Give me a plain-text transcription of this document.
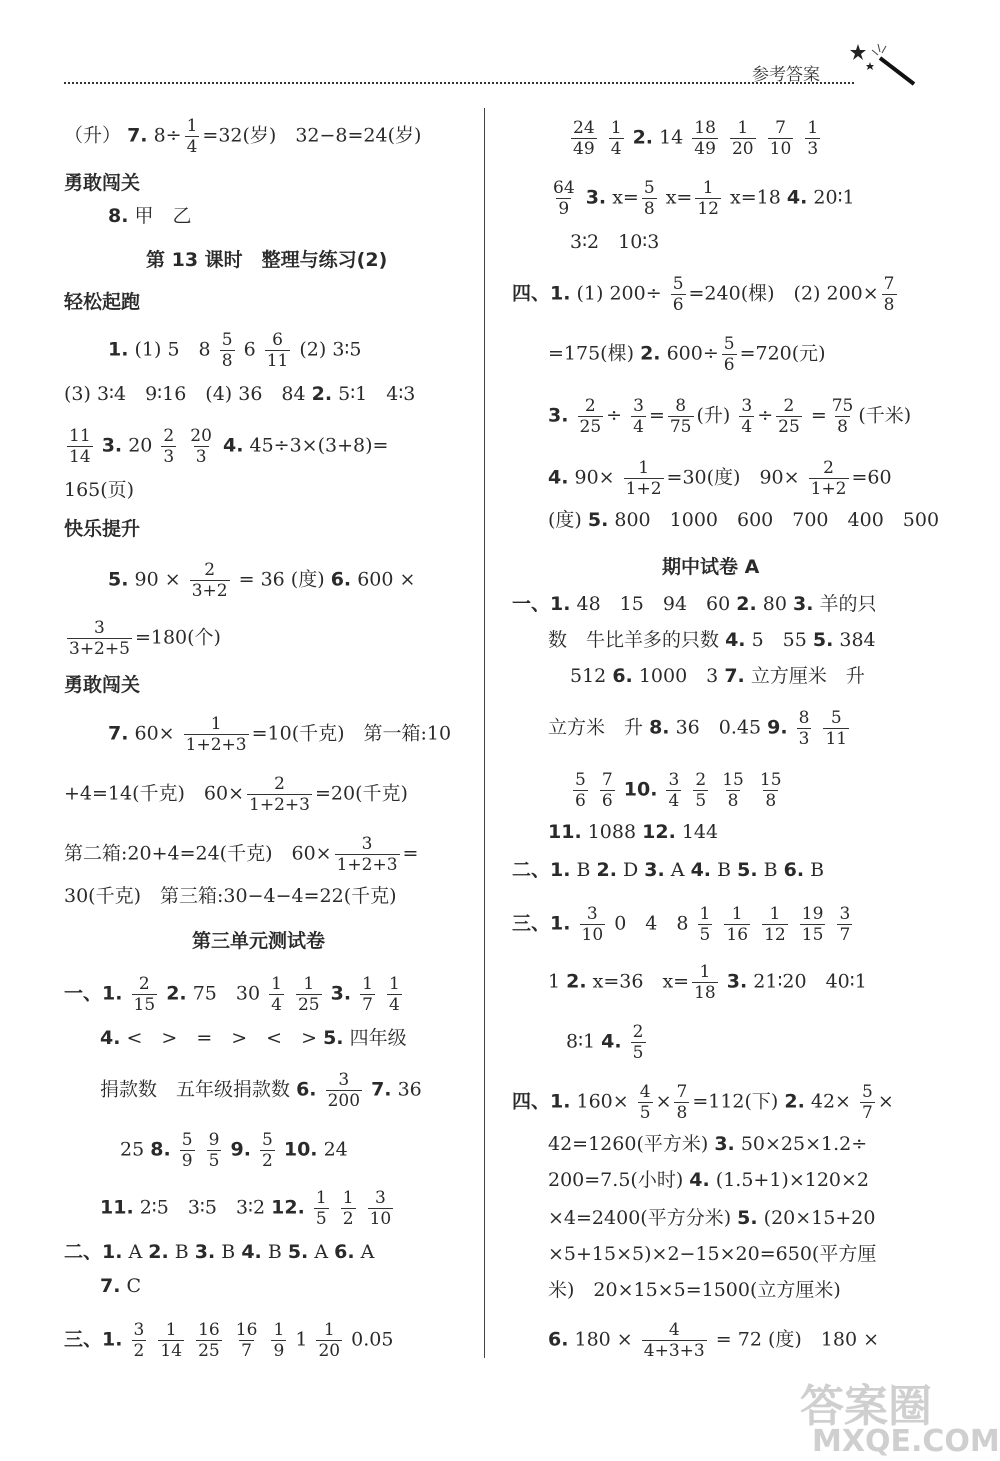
参考答案
（升） 7. $8\div \frac{1}{4} =32$(岁)　32−8=24(岁)
勇敢闯关
8. 甲　乙
第 13 课时　整理与练习(2)
轻松起跑
1. (1) 5　$8 \frac{5}{8} 6 \frac{6}{11} (2)$ 3∶5
(3) 3∶4　9∶16　(4) 36　84 2. 5∶1　4∶3
$\frac{11}{14} 3$. $20 \frac{2}{3}$
$\frac{20}{3} 4$. 45÷3×(3+8)=
165(页)
快乐提升
5. $90 \times \frac{2}{3+2} = 36$ (度) 6. 600 ×
$\frac{3}{3+2+5} =180$(个)
勇敢闯关
7. $60\times \frac{1}{1+2+3} =10$(千克)　第一箱:10
+4=14(千克)　$60\times \frac{2}{1+2+3} =20$(千克)
第二箱:20+4=24(千克)　$60\times \frac{3}{1+2+3}$ =
30(千克)　第三箱:30−4−4=22(千克)
第三单元测试卷
一、1. $\frac{2}{15} 2$. 75　$30 \frac{1}{4}$
$\frac{1}{25} 3$. $\frac{1}{7}$
$\frac{1}{4}$
4. <　>　=　>　<　> 5. 四年级
捐款数　五年级捐款数 6. $\frac{3}{200} 7$. 36
25 8. $\frac{5}{9}$
$\frac{9}{5} 9$. $\frac{5}{2} 10$. 24
11. 2∶5　3∶5　3∶2 12. $\frac{1}{5}$
$\frac{1}{2}$
$\frac{3}{10}$
二、1. A 2. B 3. B 4. B 5. A 6. A
7. C
三、1. $\frac{3}{2}$
$\frac{1}{14}$
$\frac{16}{25}$
$\frac{16}{7}$
$\frac{1}{9} 1 \frac{1}{20} 0.05$
$\frac{24}{49}$
$\frac{1}{4} 2$. $14 \frac{18}{49}$
$\frac{1}{20}$
$\frac{7}{10}$
$\frac{1}{3}$
$\frac{64}{9} 3$. $x= \frac{5}{8} x= \frac{1}{12} x=18$ 4. 20∶1
3∶2　10∶3
四、1. (1) $200\div \frac{5}{6} =240$(棵)　(2) $200\times \frac{7}{8}$
=175(棵) 2. $600\div \frac{5}{6} =720$(元)
3. $\frac{2}{25} \div \frac{3}{4} = \frac{8}{75}$ (升) $\frac{3}{4} \div \frac{2}{25} = \frac{75}{8}$ (千米)
4. $90\times \frac{1}{1+2} =30$(度)　$90\times \frac{2}{1+2} =60$
(度) 5. 800　1000　600　700　400　500
期中试卷 A
一、1. 48　15　94　60 2. 80 3. 羊的只
数　牛比羊多的只数 4. 5　55 5. 384
512 6. 1000　3 7. 立方厘米　升
立方米　升 8. 36　0.45 9. $\frac{8}{3}$
$\frac{5}{11}$
$\frac{5}{6}$
$\frac{7}{6} 10$. $\frac{3}{4}$
$\frac{2}{5}$
$\frac{15}{8}$
$\frac{15}{8}$
11. 1088 12. 144
二、1. B 2. D 3. A 4. B 5. B 6. B
三、1. $\frac{3}{10} 0$　4　$8 \frac{1}{5}$
$\frac{1}{16}$
$\frac{1}{12}$
$\frac{19}{15}$
$\frac{3}{7}$
1 2. x=36　$x= \frac{1}{18} 3$. 21∶20　40∶1
8∶1 4. $\frac{2}{5}$
四、1. $160\times \frac{4}{5} \times \frac{7}{8} =112$(下) 2. $42\times \frac{5}{7}$ ×
42=1260(平方米) 3. 50×25×1.2÷
200=7.5(小时) 4. (1.5+1)×120×2
×4=2400(平方分米) 5. (20×15+20
×5+15×5)×2−15×20=650(平方厘
米)　20×15×5=1500(立方厘米)
6. $180 \times \frac{4}{4+3+3} = 72$ (度)　180 ×
答案圈
MXQE.COM
